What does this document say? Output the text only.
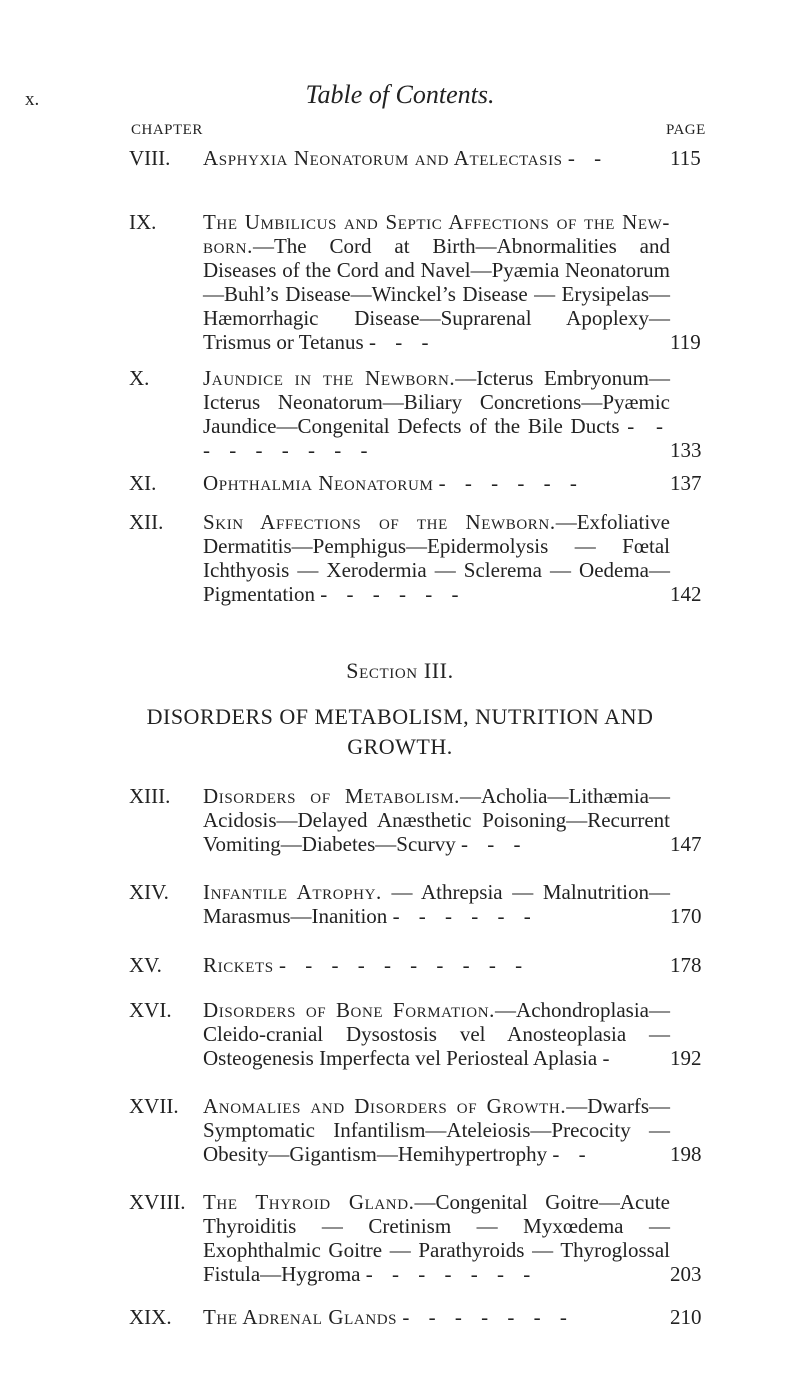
x.	Table of Contents.
CHAPTER	PAGE
VIII.	Asphyxia Neonatorum and Atelectasis - -	115
IX.	The Umbilicus and Septic Affections of the New-born.—The Cord at Birth—Abnormalities and Diseases of the Cord and Navel—Pyæmia Neonatorum—Buhl’s Disease—Winckel’s Disease — Erysipelas—Hæmorrhagic Disease—Suprarenal Apoplexy—Trismus or Tetanus - - -	119
X.	Jaundice in the Newborn.—Icterus Embryonum—Icterus Neonatorum—Biliary Concretions—Pyæmic Jaundice—Congenital Defects of the Bile Ducts - - - - - - - - -	133
XI.	Ophthalmia Neonatorum - - - - - -	137
XII.	Skin Affections of the Newborn.—Exfoliative Dermatitis—Pemphigus—Epidermolysis — Fœtal Ichthyosis — Xerodermia — Sclerema — Oedema—Pigmentation - - - - - -	142
Section III.
DISORDERS OF METABOLISM, NUTRITION AND GROWTH.
XIII.	Disorders of Metabolism.—Acholia—Lithæmia—Acidosis—Delayed Anæsthetic Poisoning—Recurrent Vomiting—Diabetes—Scurvy - - -	147
XIV.	Infantile Atrophy. — Athrepsia — Malnutrition—Marasmus—Inanition - - - - - -	170
XV.	Rickets - - - - - - - - - -	178
XVI.	Disorders of Bone Formation.—Achondroplasia—Cleido-cranial Dysostosis vel Anosteoplasia — Osteogenesis Imperfecta vel Periosteal Aplasia -	192
XVII.	Anomalies and Disorders of Growth.—Dwarfs—Symptomatic Infantilism—Ateleiosis—Precocity —Obesity—Gigantism—Hemihypertrophy - -	198
XVIII. The Thyroid Gland.—Congenital Goitre—Acute Thyroiditis — Cretinism — Myxœdema — Exophthalmic Goitre — Parathyroids — Thyroglossal Fistula—Hygroma - - - - - - -	203
XIX.	The Adrenal Glands - - - - - - -	210
